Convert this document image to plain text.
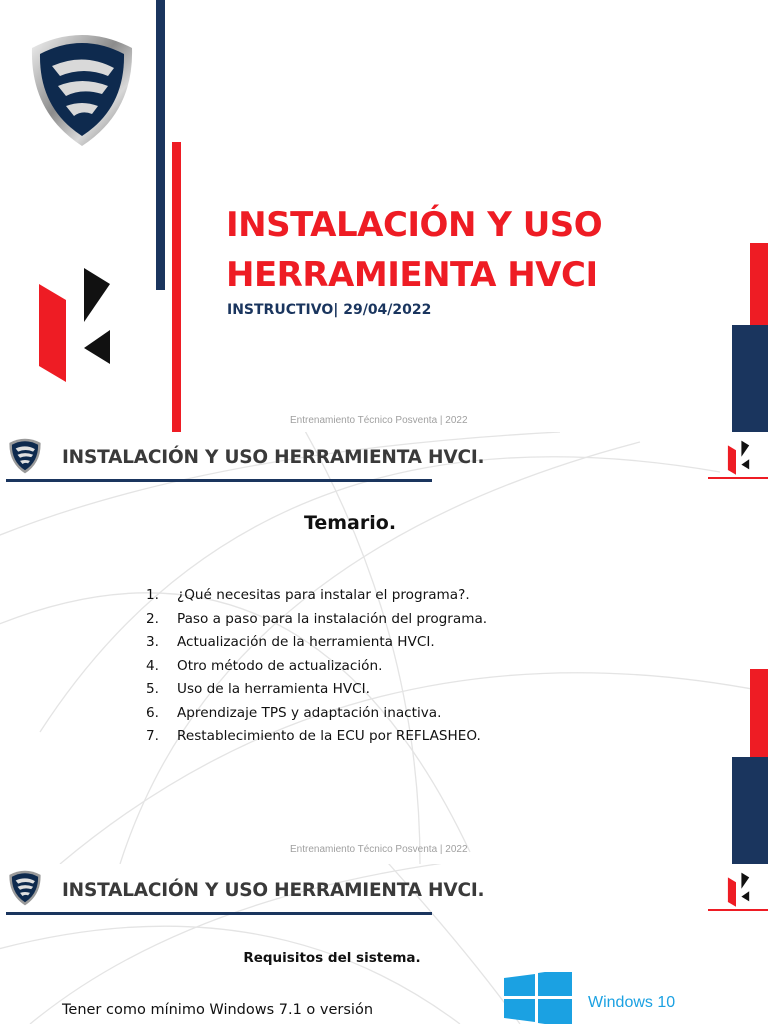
INSTALACIÓN Y USO
HERRAMIENTA HVCI
INSTRUCTIVO| 29/04/2022
Entrenamiento Técnico Posventa | 2022
INSTALACIÓN Y USO HERRAMIENTA HVCI.
Temario.
1. ¿Qué necesitas para instalar el programa?.
2. Paso a paso para la instalación del programa.
3. Actualización de la herramienta HVCI.
4. Otro método de actualización.
5. Uso de la herramienta HVCI.
6. Aprendizaje TPS y adaptación inactiva.
7. Restablecimiento de la ECU por REFLASHEO.
Entrenamiento Técnico Posventa | 2022
INSTALACIÓN Y USO HERRAMIENTA HVCI.
Requisitos del sistema.
Tener como mínimo Windows 7.1 o versión	Windows 10
